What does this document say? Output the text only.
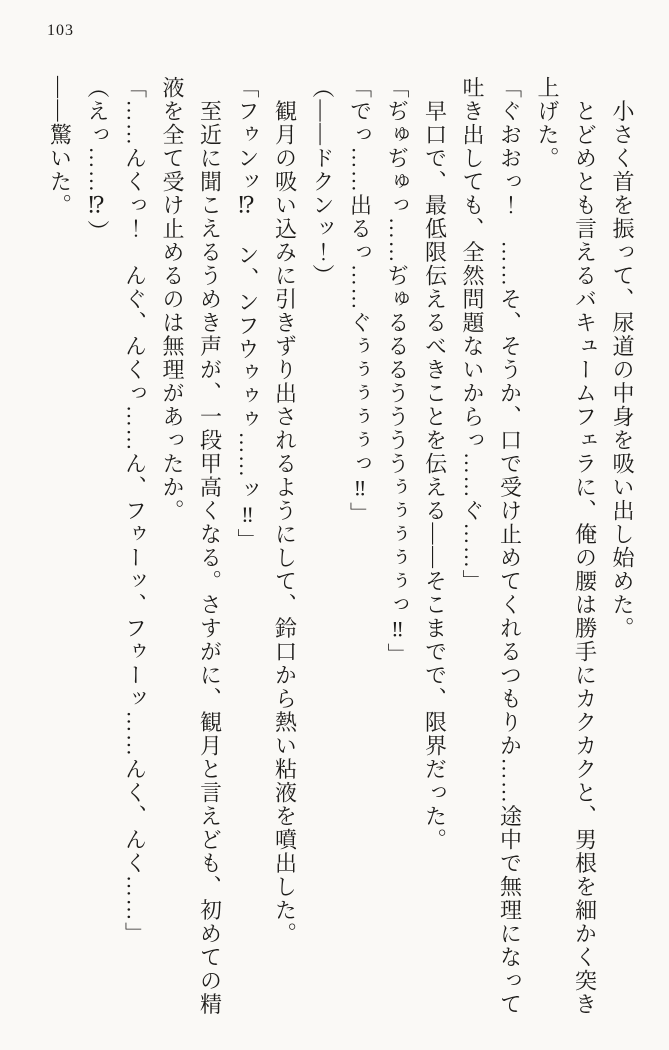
103

　小さく首を振って、尿道の中身を吸い出し始めた。

　とどめとも言えるバキュームフェラに、俺の腰は勝手にカクカクと、男根を細かく突き

上げた。

「ぐおおっ！　……そ、そうか、口で受け止めてくれるつもりか……途中で無理になって

吐き出しても、全然問題ないからっ……ぐ……」

　早口で、最低限伝えるべきことを伝える――そこまでで、限界だった。

「ぢゅぢゅっ……ぢゅるるるううううぅぅぅぅぅっ‼」

「でっ……出るっ……ぐぅぅぅぅぅっ‼」

（――ドクンッ！）

　観月の吸い込みに引きずり出されるようにして、鈴口から熱い粘液を噴出した。

「フゥンッ⁉　ン、ンフウゥゥゥ……ッ‼」

　至近に聞こえるうめき声が、一段甲高くなる。さすがに、観月と言えども、初めての精

液を全て受け止めるのは無理があったか。

「……んくっ！　んぐ、んくっ……ん、フゥーッ、フゥーッ……んく、んく……」

（えっ……⁉）

――驚いた。
